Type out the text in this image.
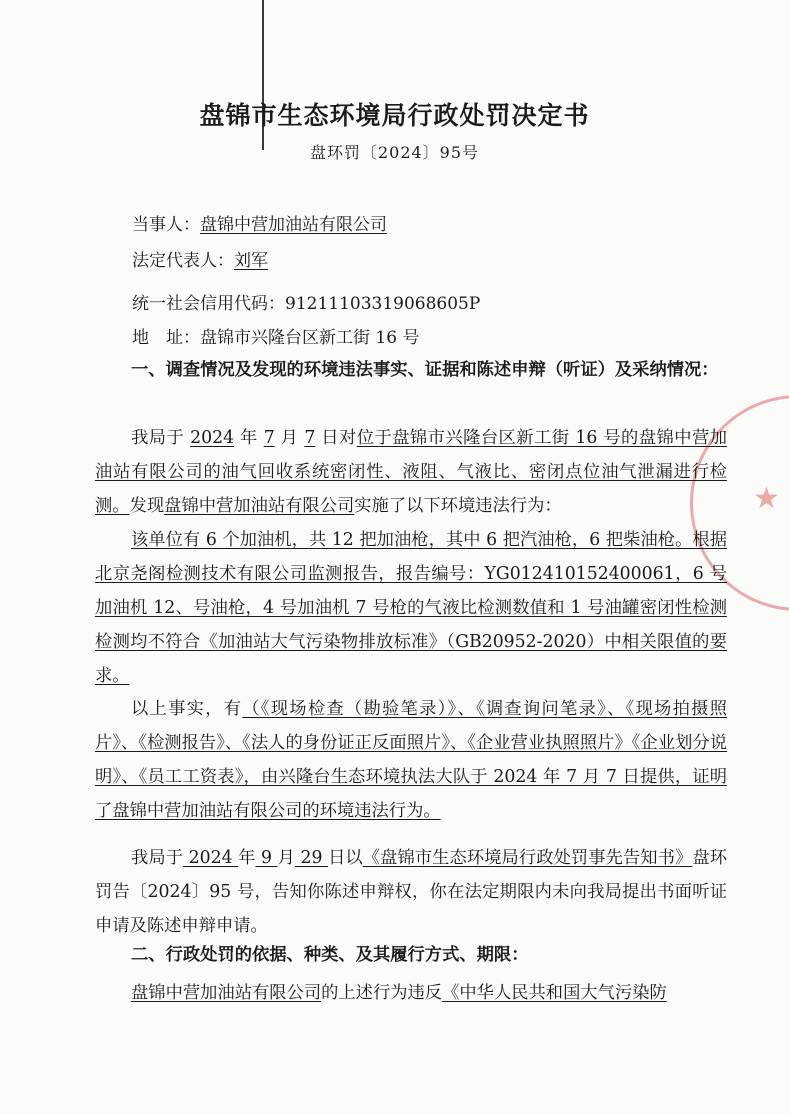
★
盘锦市生态环境局行政处罚决定书
盘环罚〔2024〕95号
当事人：盘锦中营加油站有限公司
法定代表人：刘军
统一社会信用代码：91211103319068605P
地　址：盘锦市兴隆台区新工街 16 号
一、调查情况及发现的环境违法事实、证据和陈述申辩（听证）及采纳情况：
我局于 2024 年 7 月 7 日对位于盘锦市兴隆台区新工街 16 号的盘锦中营加油站有限公司的油气回收系统密闭性、液阻、气液比、密闭点位油气泄漏进行检测。发现盘锦中营加油站有限公司实施了以下环境违法行为：
该单位有 6 个加油机，共 12 把加油枪，其中 6 把汽油枪，6 把柴油枪。根据北京尧阁检测技术有限公司监测报告，报告编号：YG012410152400061，6 号加油机 12、号油枪，4 号加油机 7 号枪的气液比检测数值和 1 号油罐密闭性检测检测均不符合《加油站大气污染物排放标准》（GB20952-2020）中相关限值的要求。
以上事实，有（《现场检查（勘验笔录）》、《调查询问笔录》、《现场拍摄照片》、《检测报告》、《法人的身份证正反面照片》、《企业营业执照照片》《企业划分说明》、《员工工资表》，由兴隆台生态环境执法大队于 2024 年 7 月 7 日提供，证明了盘锦中营加油站有限公司的环境违法行为。
我局于 2024 年 9 月 29 日以《盘锦市生态环境局行政处罚事先告知书》盘环罚告〔2024〕95 号，告知你陈述申辩权，你在法定期限内未向我局提出书面听证申请及陈述申辩申请。
二、行政处罚的依据、种类、及其履行方式、期限：
盘锦中营加油站有限公司的上述行为违反《中华人民共和国大气污染防
